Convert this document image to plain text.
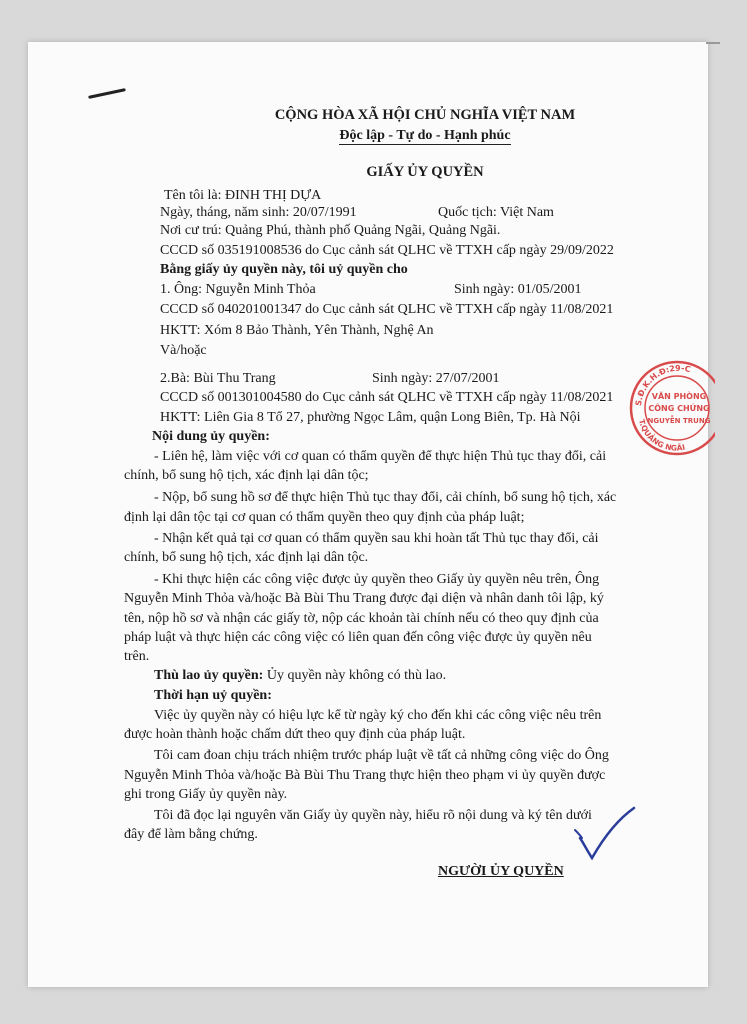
CỘNG HÒA XÃ HỘI CHỦ NGHĨA VIỆT NAM
Độc lập - Tự do - Hạnh phúc
GIẤY ỦY QUYỀN
Tên tôi là: ĐINH THỊ DỰA
Ngày, tháng, năm sinh: 20/07/1991	Quốc tịch: Việt Nam
Nơi cư trú: Quảng Phú, thành phố Quảng Ngãi, Quảng Ngãi.
CCCD số 035191008536 do Cục cảnh sát QLHC về TTXH cấp ngày 29/09/2022
Bằng giấy ủy quyền này, tôi uỷ quyền cho
1. Ông: Nguyễn Minh Thỏa	Sinh ngày: 01/05/2001
CCCD số 040201001347 do Cục cảnh sát QLHC về TTXH cấp ngày 11/08/2021
HKTT: Xóm 8 Bảo Thành, Yên Thành, Nghệ An
Và/hoặc
2.Bà: Bùi Thu Trang	Sinh ngày: 27/07/2001
CCCD số 001301004580 do Cục cảnh sát QLHC về TTXH cấp ngày 11/08/2021
HKTT: Liên Gia 8 Tổ 27, phường Ngọc Lâm, quận Long Biên, Tp. Hà Nội
Nội dung ủy quyền:
- Liên hệ, làm việc với cơ quan có thẩm quyền để thực hiện Thủ tục thay đổi, cải
chính, bổ sung hộ tịch, xác định lại dân tộc;
- Nộp, bổ sung hồ sơ để thực hiện Thủ tục thay đổi, cải chính, bổ sung hộ tịch, xác
định lại dân tộc tại cơ quan có thẩm quyền theo quy định của pháp luật;
- Nhận kết quả tại cơ quan có thẩm quyền sau khi hoàn tất Thủ tục thay đổi, cải
chính, bổ sung hộ tịch, xác định lại dân tộc.
- Khi thực hiện các công việc được ủy quyền theo Giấy ủy quyền nêu trên, Ông
Nguyễn Minh Thỏa và/hoặc Bà Bùi Thu Trang được đại diện và nhân danh tôi lập, ký
tên, nộp hồ sơ và nhận các giấy tờ, nộp các khoản tài chính nếu có theo quy định của
pháp luật và thực hiện các công việc có liên quan đến công việc được ủy quyền nêu
trên.
Thù lao ủy quyền: Ủy quyền này không có thù lao.
Thời hạn uỷ quyền:
Việc ủy quyền này có hiệu lực kể từ ngày ký cho đến khi các công việc nêu trên
được hoàn thành hoặc chấm dứt theo quy định của pháp luật.
Tôi cam đoan chịu trách nhiệm trước pháp luật về tất cả những công việc do Ông
Nguyễn Minh Thỏa và/hoặc Bà Bùi Thu Trang thực hiện theo phạm vi ủy quyền được
ghi trong Giấy ủy quyền này.
Tôi đã đọc lại nguyên văn Giấy ủy quyền này, hiểu rõ nội dung và ký tên dưới
đây để làm bằng chứng.
NGƯỜI ỦY QUYỀN
S.Đ.K.H.Đ:29-C
T.QUẢNG NGÃI
VĂN PHÒNG
CÔNG CHỨNG
NGUYỄN TRUNG
